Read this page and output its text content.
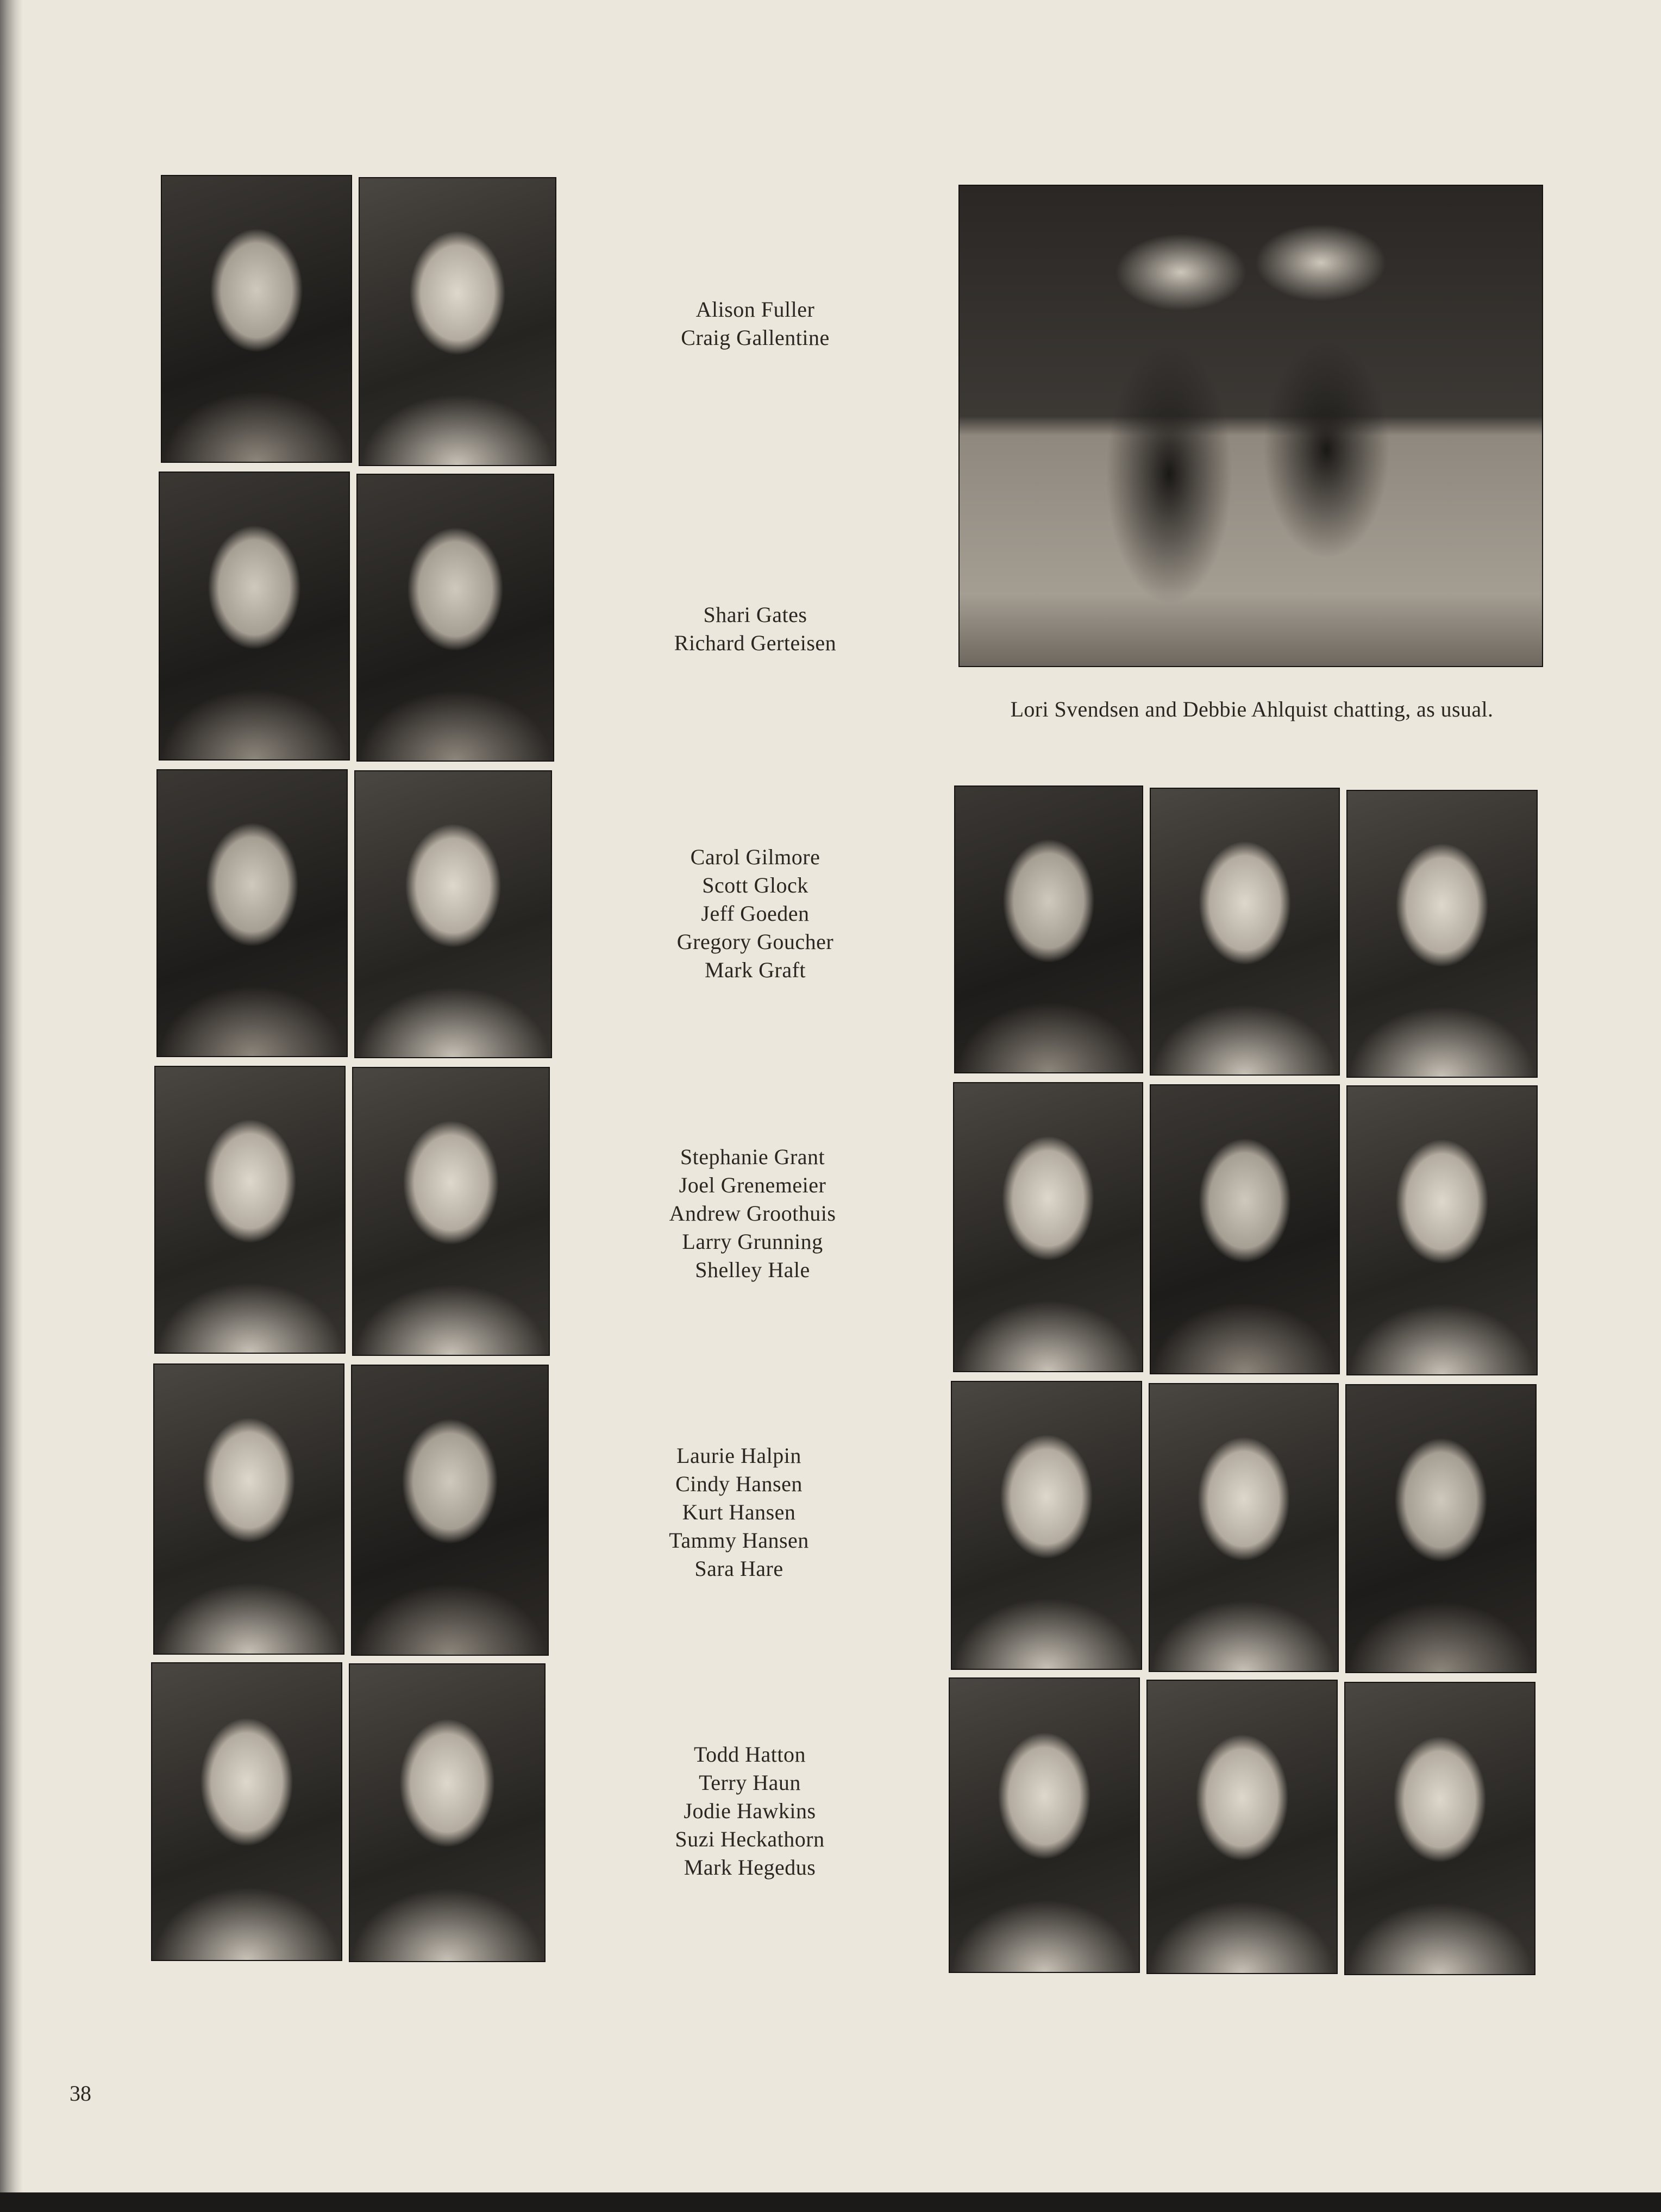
Alison Fuller
Craig Gallentine
Shari Gates
Richard Gerteisen
Carol Gilmore
Scott Glock
Jeff Goeden
Gregory Goucher
Mark Graft
Stephanie Grant
Joel Grenemeier
Andrew Groothuis
Larry Grunning
Shelley Hale
Laurie Halpin
Cindy Hansen
Kurt Hansen
Tammy Hansen
Sara Hare
Todd Hatton
Terry Haun
Jodie Hawkins
Suzi Heckathorn
Mark Hegedus
Lori Svendsen and Debbie Ahlquist chatting, as usual.
38
